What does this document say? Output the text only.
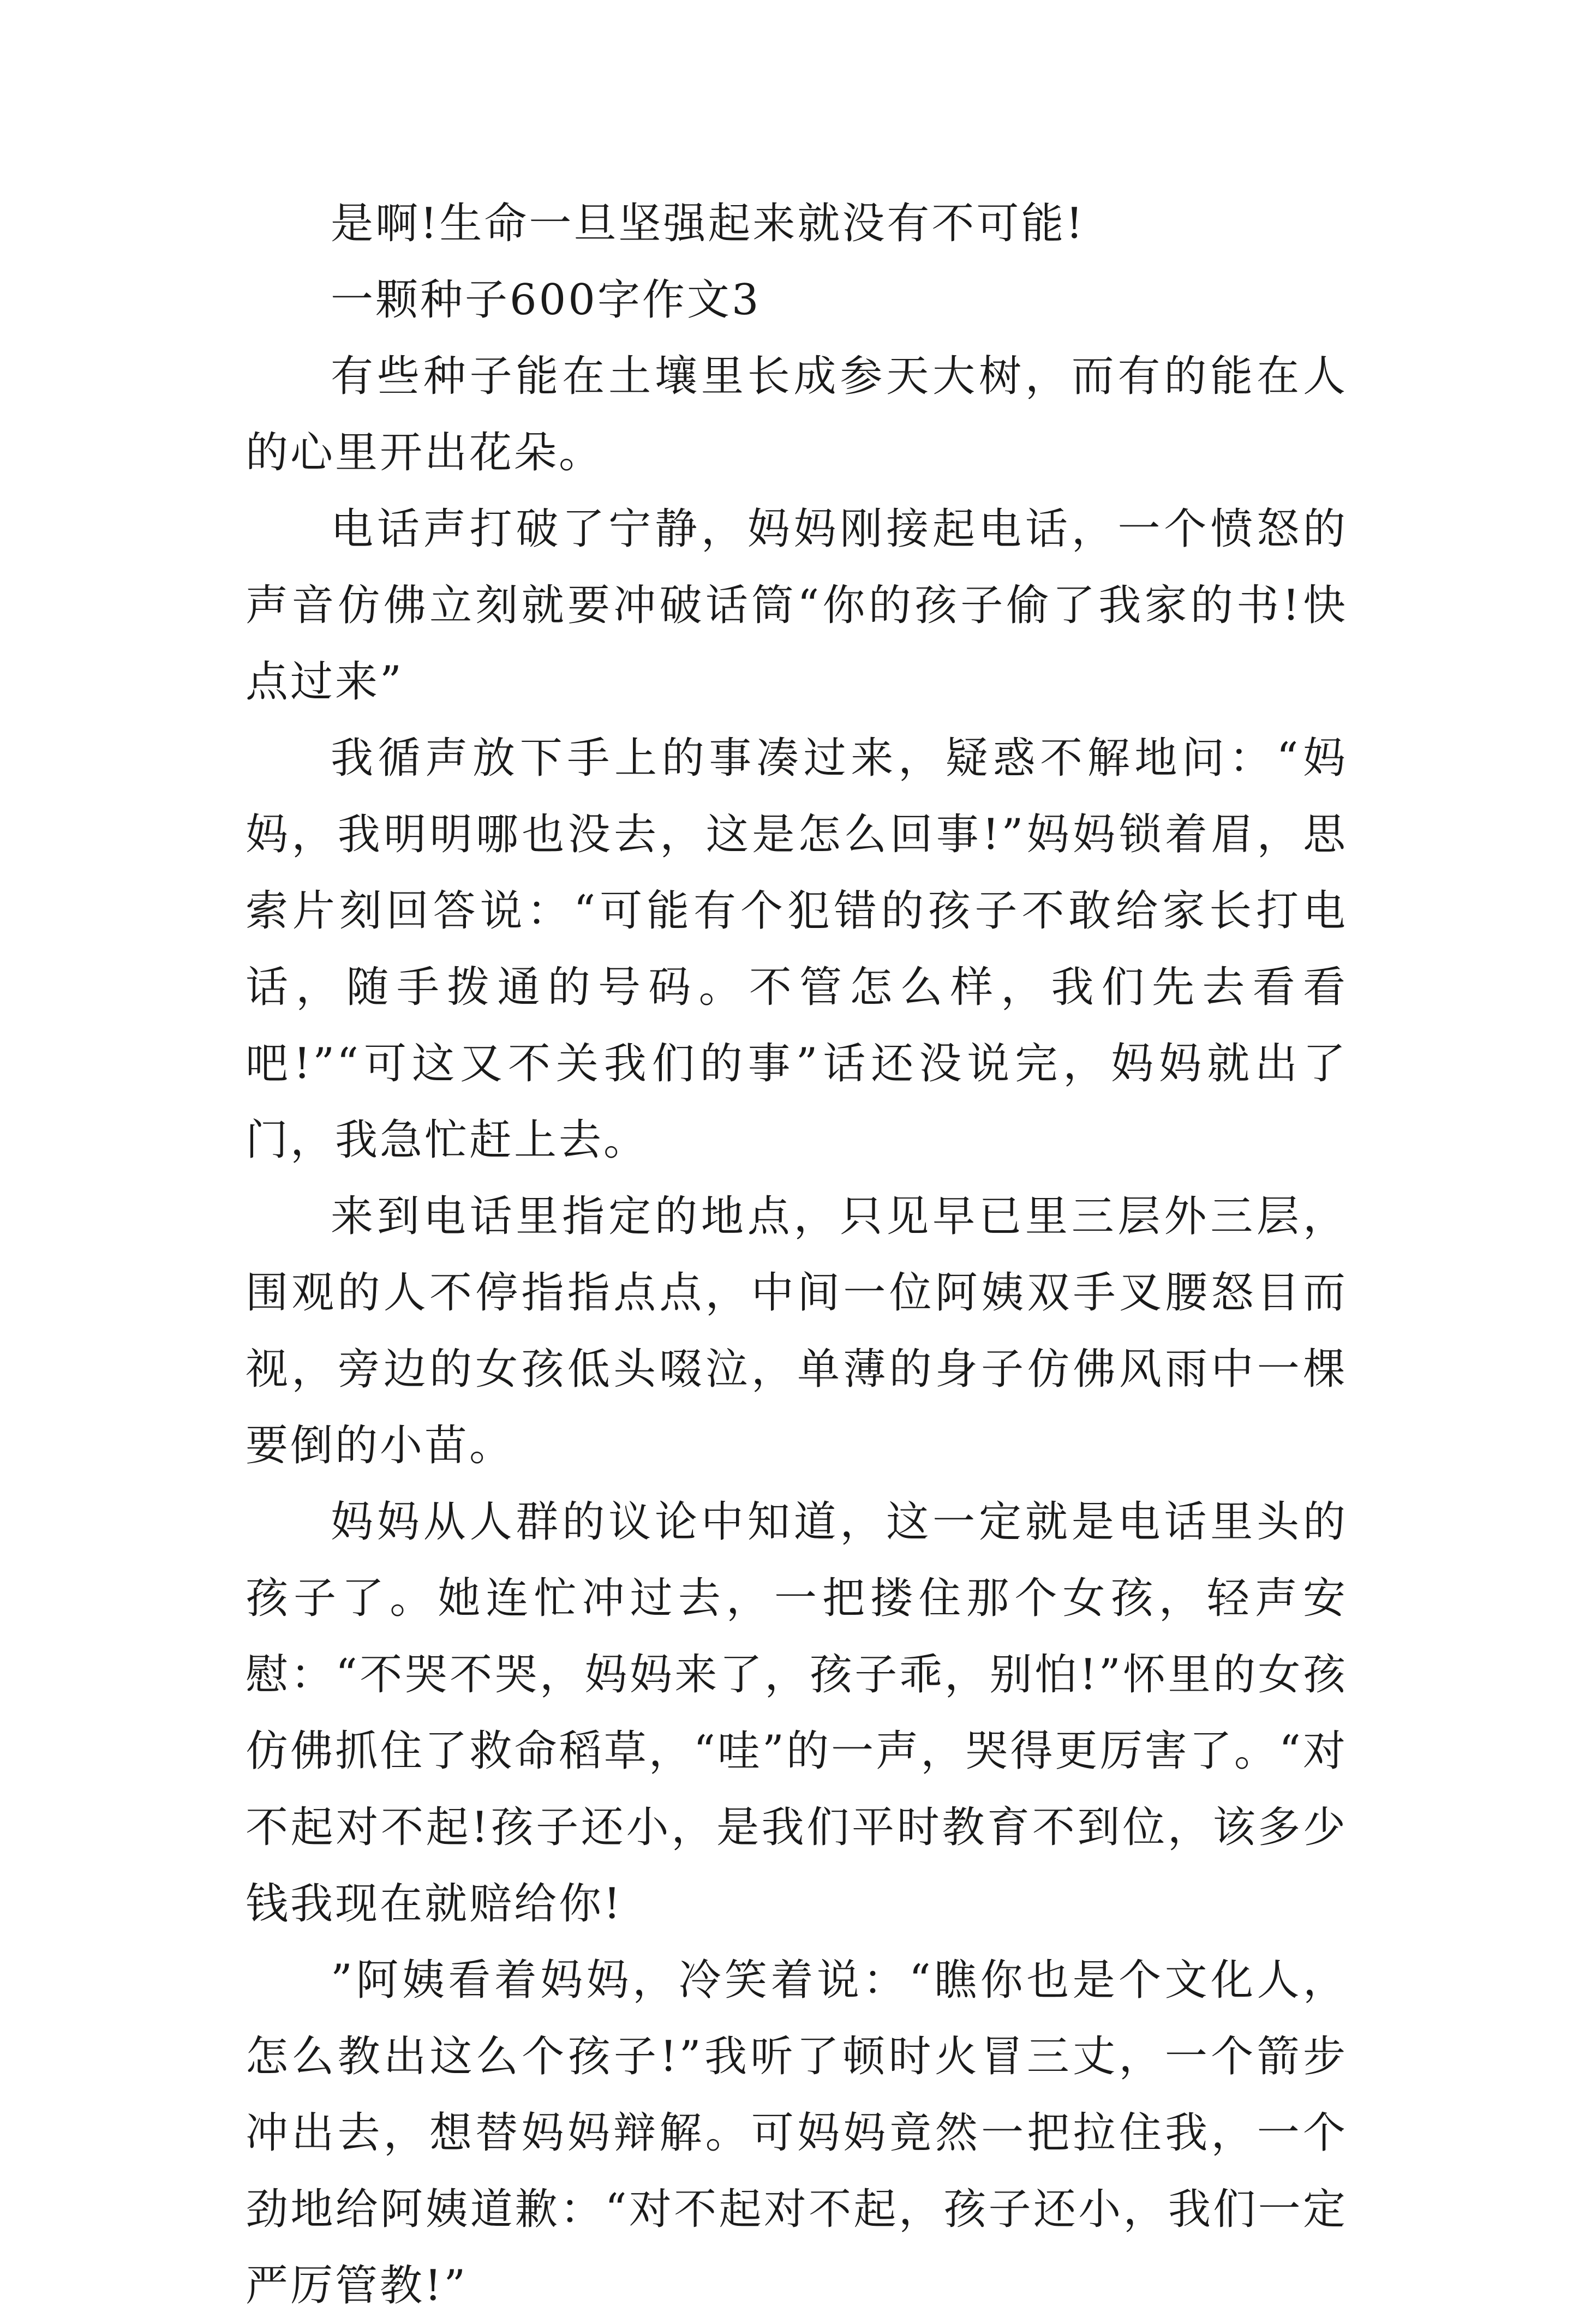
是啊!生命一旦坚强起来就没有不可能!

一颗种子600字作文3

有些种子能在土壤里长成参天大树，而有的能在人的心里开出花朵。

电话声打破了宁静，妈妈刚接起电话，一个愤怒的声音仿佛立刻就要冲破话筒“你的孩子偷了我家的书!快点过来”

我循声放下手上的事凑过来，疑惑不解地问：“妈妈，我明明哪也没去，这是怎么回事!”妈妈锁着眉，思索片刻回答说：“可能有个犯错的孩子不敢给家长打电话，随手拨通的号码。不管怎么样，我们先去看看吧!”“可这又不关我们的事”话还没说完，妈妈就出了门，我急忙赶上去。

来到电话里指定的地点，只见早已里三层外三层，围观的人不停指指点点，中间一位阿姨双手叉腰怒目而视，旁边的女孩低头啜泣，单薄的身子仿佛风雨中一棵要倒的小苗。

妈妈从人群的议论中知道，这一定就是电话里头的孩子了。她连忙冲过去，一把搂住那个女孩，轻声安慰：“不哭不哭，妈妈来了，孩子乖，别怕!”怀里的女孩仿佛抓住了救命稻草，“哇”的一声，哭得更厉害了。“对不起对不起!孩子还小，是我们平时教育不到位，该多少钱我现在就赔给你!

”阿姨看着妈妈，冷笑着说：“瞧你也是个文化人，怎么教出这么个孩子!”我听了顿时火冒三丈，一个箭步冲出去，想替妈妈辩解。可妈妈竟然一把拉住我，一个劲地给阿姨道歉：“对不起对不起，孩子还小，我们一定严厉管教!”
